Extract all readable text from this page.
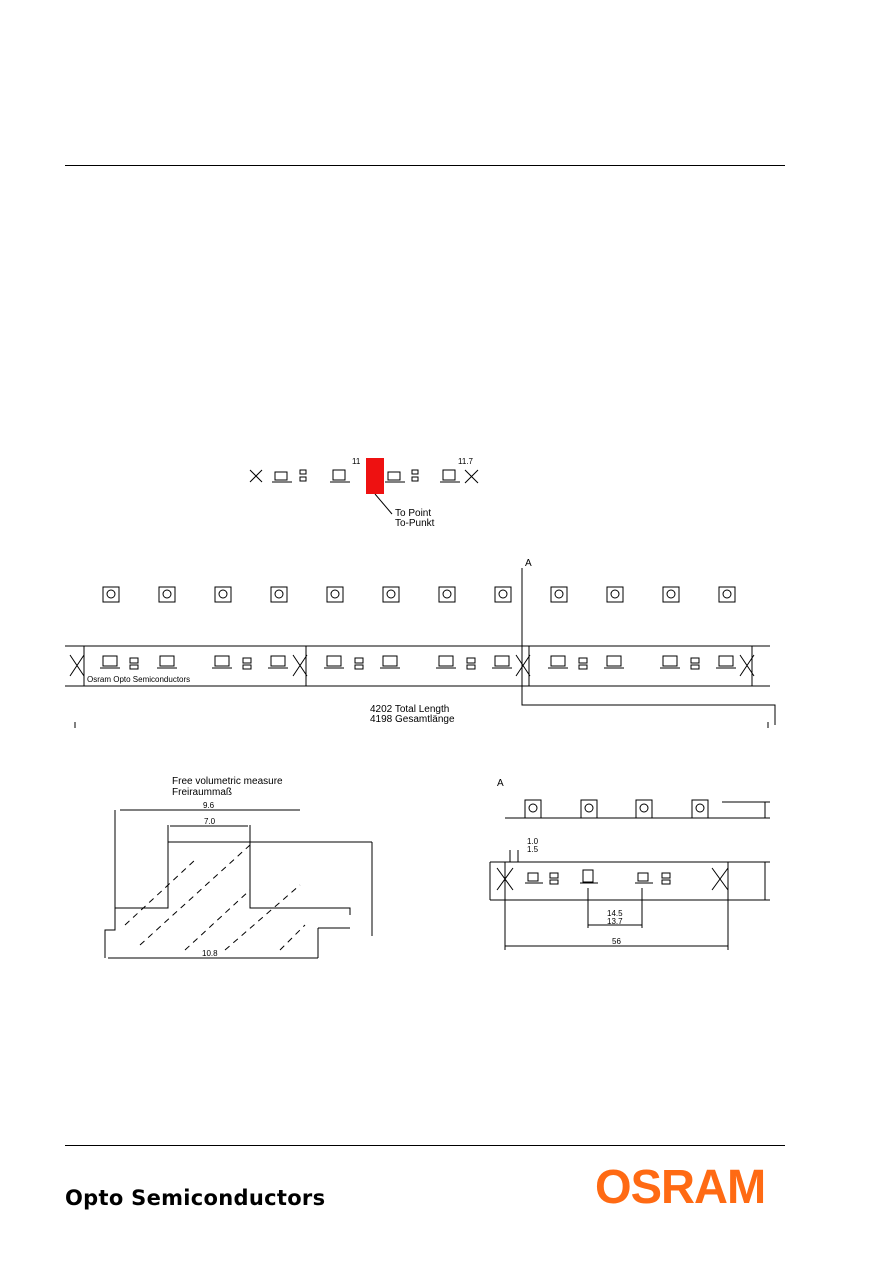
11	11.7
To Point
To-Punkt
A
Osram Opto Semiconductors
4202 Total Length
4198 Gesamtlänge
Free volumetric measure
Freiraummaß
9.6
7.0
10.8
A
1.0
1.5
14.5
13.7
56
Opto Semiconductors	OSRAM
